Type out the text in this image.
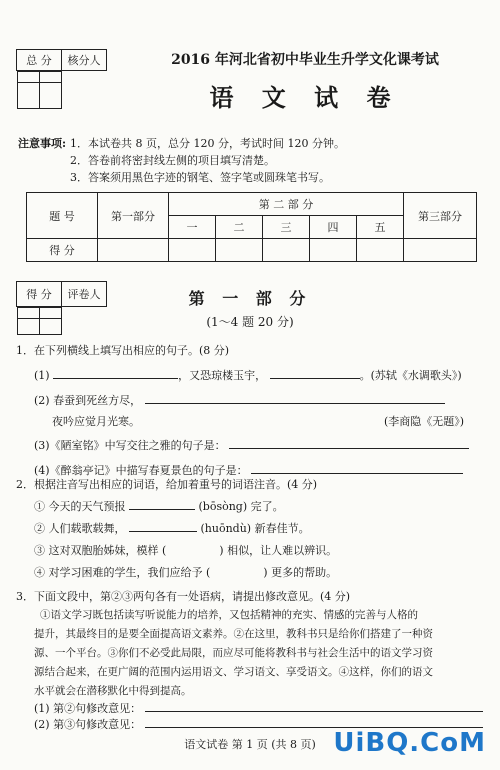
总 分	核分人
		2016 年河北省初中毕业生升学文化课考试
语 文 试 卷
注意事项: 1．本试卷共 8 页，总分 120 分，考试时间 120 分钟。
2．答卷前将密封线左侧的项目填写清楚。
3．答案须用黑色字迹的钢笔、签字笔或圆珠笔书写。
题 号	第一部分	第 二 部 分					第三部分
		一	二	三	四	五	
得 分							
得 分	评卷人
		第 一 部 分
(1～4 题 20 分)
1．在下列横线上填写出相应的句子。(8 分)
(1)	，又恐琼楼玉宇，	。(苏轼《水调歌头》)
(2) 春蚕到死丝方尽，
夜吟应觉月光寒。	(李商隐《无题》)
(3)《陋室铭》中写交往之雅的句子是：
(4)《醉翁亭记》中描写春夏景色的句子是：
2．根据注音写出相应的词语，给加着重号的词语注音。(4 分)
① 今天的天气预报	(bōsòng) 完了。
② 人们载歌载舞，	(huōndù) 新春佳节。
③ 这对双胞胎姊妹，模样 (	) 相似，让人难以辨识。
④ 对学习困难的学生，我们应给予 (	) 更多的帮助。
3．下面文段中，第②③两句各有一处语病，请提出修改意见。(4 分)
①语文学习既包括读写听说能力的培养，又包括精神的充实、情感的完善与人格的
提升，其最终目的是要全面提高语文素养。②在这里，教科书只是给你们搭建了一种资
源、一个平台。③你们不必受此局限，而应尽可能将教科书与社会生活中的语文学习资
源结合起来，在更广阔的范围内运用语文、学习语文、享受语文。④这样，你们的语文
水平就会在潜移默化中得到提高。
(1) 第②句修改意见：
(2) 第③句修改意见：
语文试卷 第 1 页 (共 8 页) UiBQ.CoM
